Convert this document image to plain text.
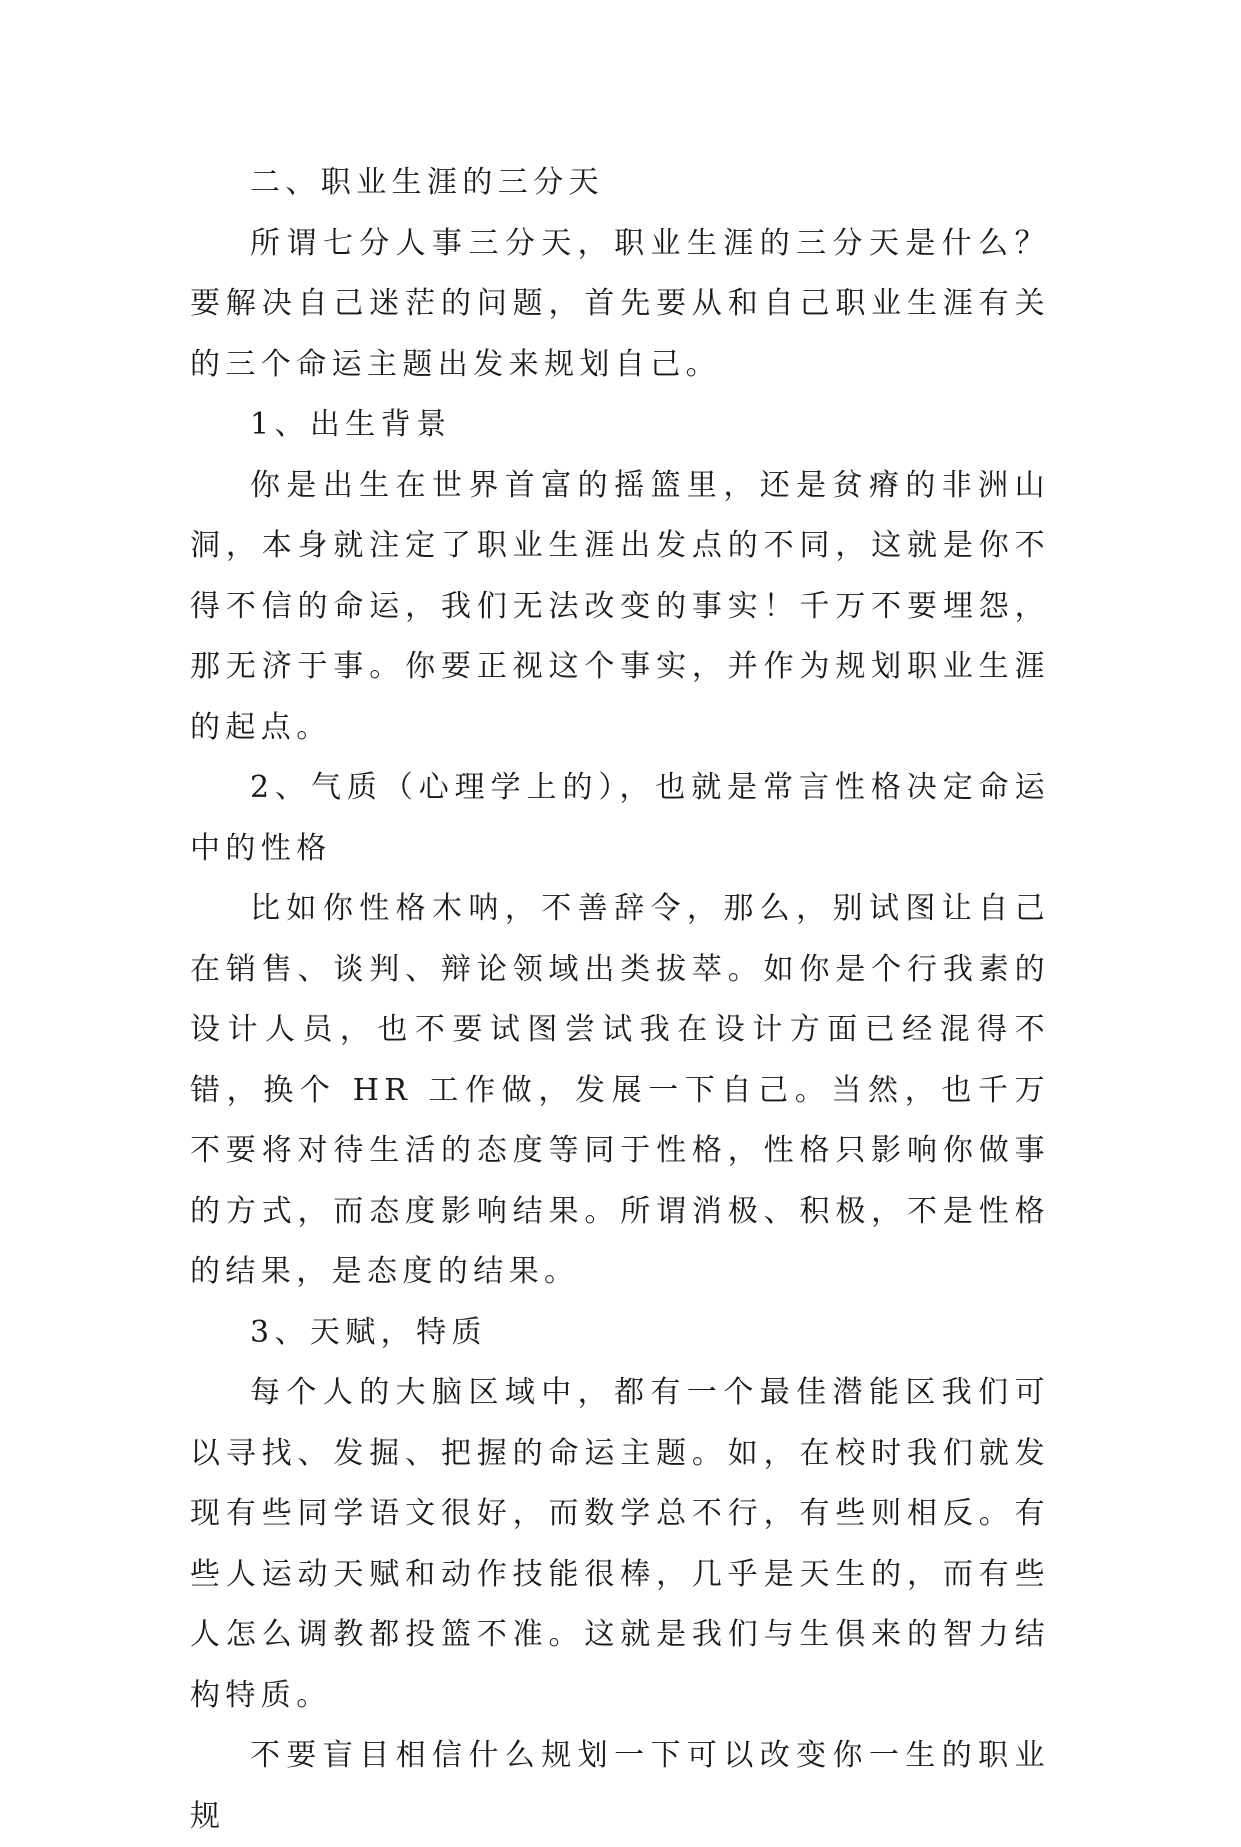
二、职业生涯的三分天

所谓七分人事三分天，职业生涯的三分天是什么？要解决自己迷茫的问题，首先要从和自己职业生涯有关的三个命运主题出发来规划自己。

1、出生背景

你是出生在世界首富的摇篮里，还是贫瘠的非洲山洞，本身就注定了职业生涯出发点的不同，这就是你不得不信的命运，我们无法改变的事实！千万不要埋怨，那无济于事。你要正视这个事实，并作为规划职业生涯的起点。

2、气质（心理学上的），也就是常言性格决定命运中的性格

比如你性格木呐，不善辞令，那么，别试图让自己在销售、谈判、辩论领域出类拔萃。如你是个行我素的设计人员，也不要试图尝试我在设计方面已经混得不错，换个 HR 工作做，发展一下自己。当然，也千万不要将对待生活的态度等同于性格，性格只影响你做事的方式，而态度影响结果。所谓消极、积极，不是性格的结果，是态度的结果。

3、天赋，特质

每个人的大脑区域中，都有一个最佳潜能区我们可以寻找、发掘、把握的命运主题。如，在校时我们就发现有些同学语文很好，而数学总不行，有些则相反。有些人运动天赋和动作技能很棒，几乎是天生的，而有些人怎么调教都投篮不准。这就是我们与生俱来的智力结构特质。

不要盲目相信什么规划一下可以改变你一生的职业规
